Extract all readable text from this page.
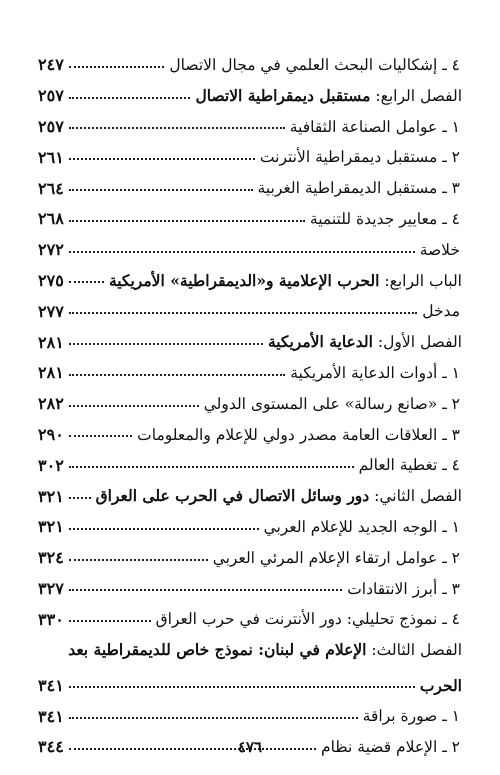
٤ ـ إشكاليات البحث العلمي في مجال الاتصال
٢٤٧
الفصل الرابع: مستقبل ديمقراطية الاتصال
٢٥٧
١ ـ عوامل الصناعة الثقافية
٢٥٧
٢ ـ مستقبل ديمقراطية الأنترنت
٢٦١
٣ ـ مستقبل الديمقراطية الغربية
٢٦٤
٤ ـ معايير جديدة للتنمية
٢٦٨
خلاصة
٢٧٢
الباب الرابع: الحرب الإعلامية و«الديمقراطية» الأمريكية
٢٧٥
مدخل
٢٧٧
الفصل الأول: الدعاية الأمريكية
٢٨١
١ ـ أدوات الدعاية الأمريكية
٢٨١
٢ ـ «صانع رسالة» على المستوى الدولي
٢٨٢
٣ ـ العلاقات العامة مصدر دولي للإعلام والمعلومات
٢٩٠
٤ ـ تغطية العالم
٣٠٢
الفصل الثاني: دور وسائل الاتصال في الحرب على العراق
٣٢١
١ ـ الوجه الجديد للإعلام العربي
٣٢١
٢ ـ عوامل ارتقاء الإعلام المرئي العربي
٣٢٤
٣ ـ أبرز الانتقادات
٣٢٧
٤ ـ نموذج تحليلي: دور الأنترنت في حرب العراق
٣٣٠
الفصل الثالث: الإعلام في لبنان: نموذج خاص للديمقراطية بعد
الحرب
٣٤١
١ ـ صورة براقة
٣٤١
٢ ـ الإعلام قضية نظام
٣٤٤	٤٧٦
